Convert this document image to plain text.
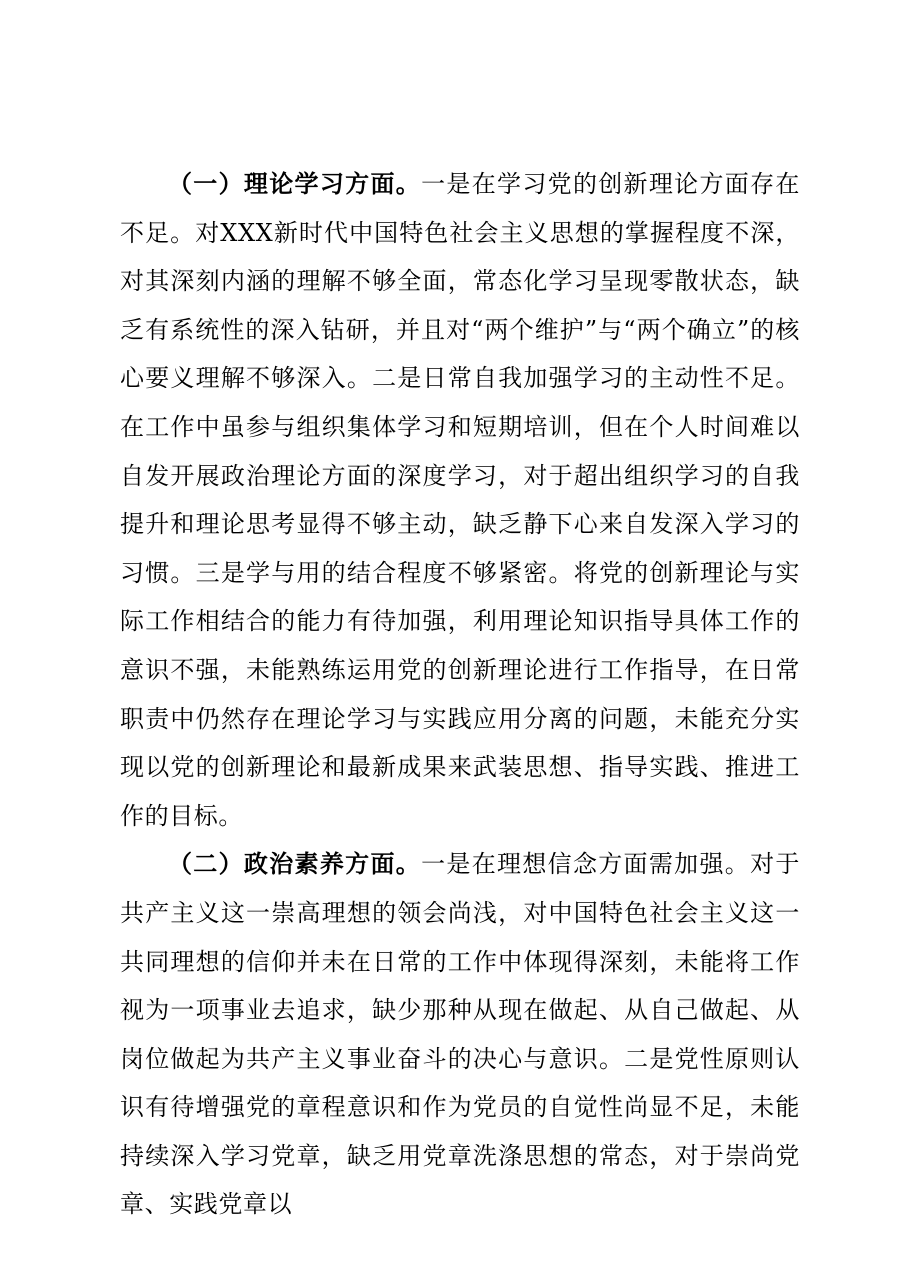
（一）理论学习方面。一是在学习党的创新理论方面存在不足。对XXX新时代中国特色社会主义思想的掌握程度不深，对其深刻内涵的理解不够全面，常态化学习呈现零散状态，缺乏有系统性的深入钻研，并且对“两个维护”与“两个确立”的核心要义理解不够深入。二是日常自我加强学习的主动性不足。在工作中虽参与组织集体学习和短期培训，但在个人时间难以自发开展政治理论方面的深度学习，对于超出组织学习的自我提升和理论思考显得不够主动，缺乏静下心来自发深入学习的习惯。三是学与用的结合程度不够紧密。将党的创新理论与实际工作相结合的能力有待加强，利用理论知识指导具体工作的意识不强，未能熟练运用党的创新理论进行工作指导，在日常职责中仍然存在理论学习与实践应用分离的问题，未能充分实现以党的创新理论和最新成果来武装思想、指导实践、推进工作的目标。

（二）政治素养方面。一是在理想信念方面需加强。对于共产主义这一崇高理想的领会尚浅，对中国特色社会主义这一共同理想的信仰并未在日常的工作中体现得深刻，未能将工作视为一项事业去追求，缺少那种从现在做起、从自己做起、从岗位做起为共产主义事业奋斗的决心与意识。二是党性原则认识有待增强党的章程意识和作为党员的自觉性尚显不足，未能持续深入学习党章，缺乏用党章洗涤思想的常态，对于崇尚党章、实践党章以
